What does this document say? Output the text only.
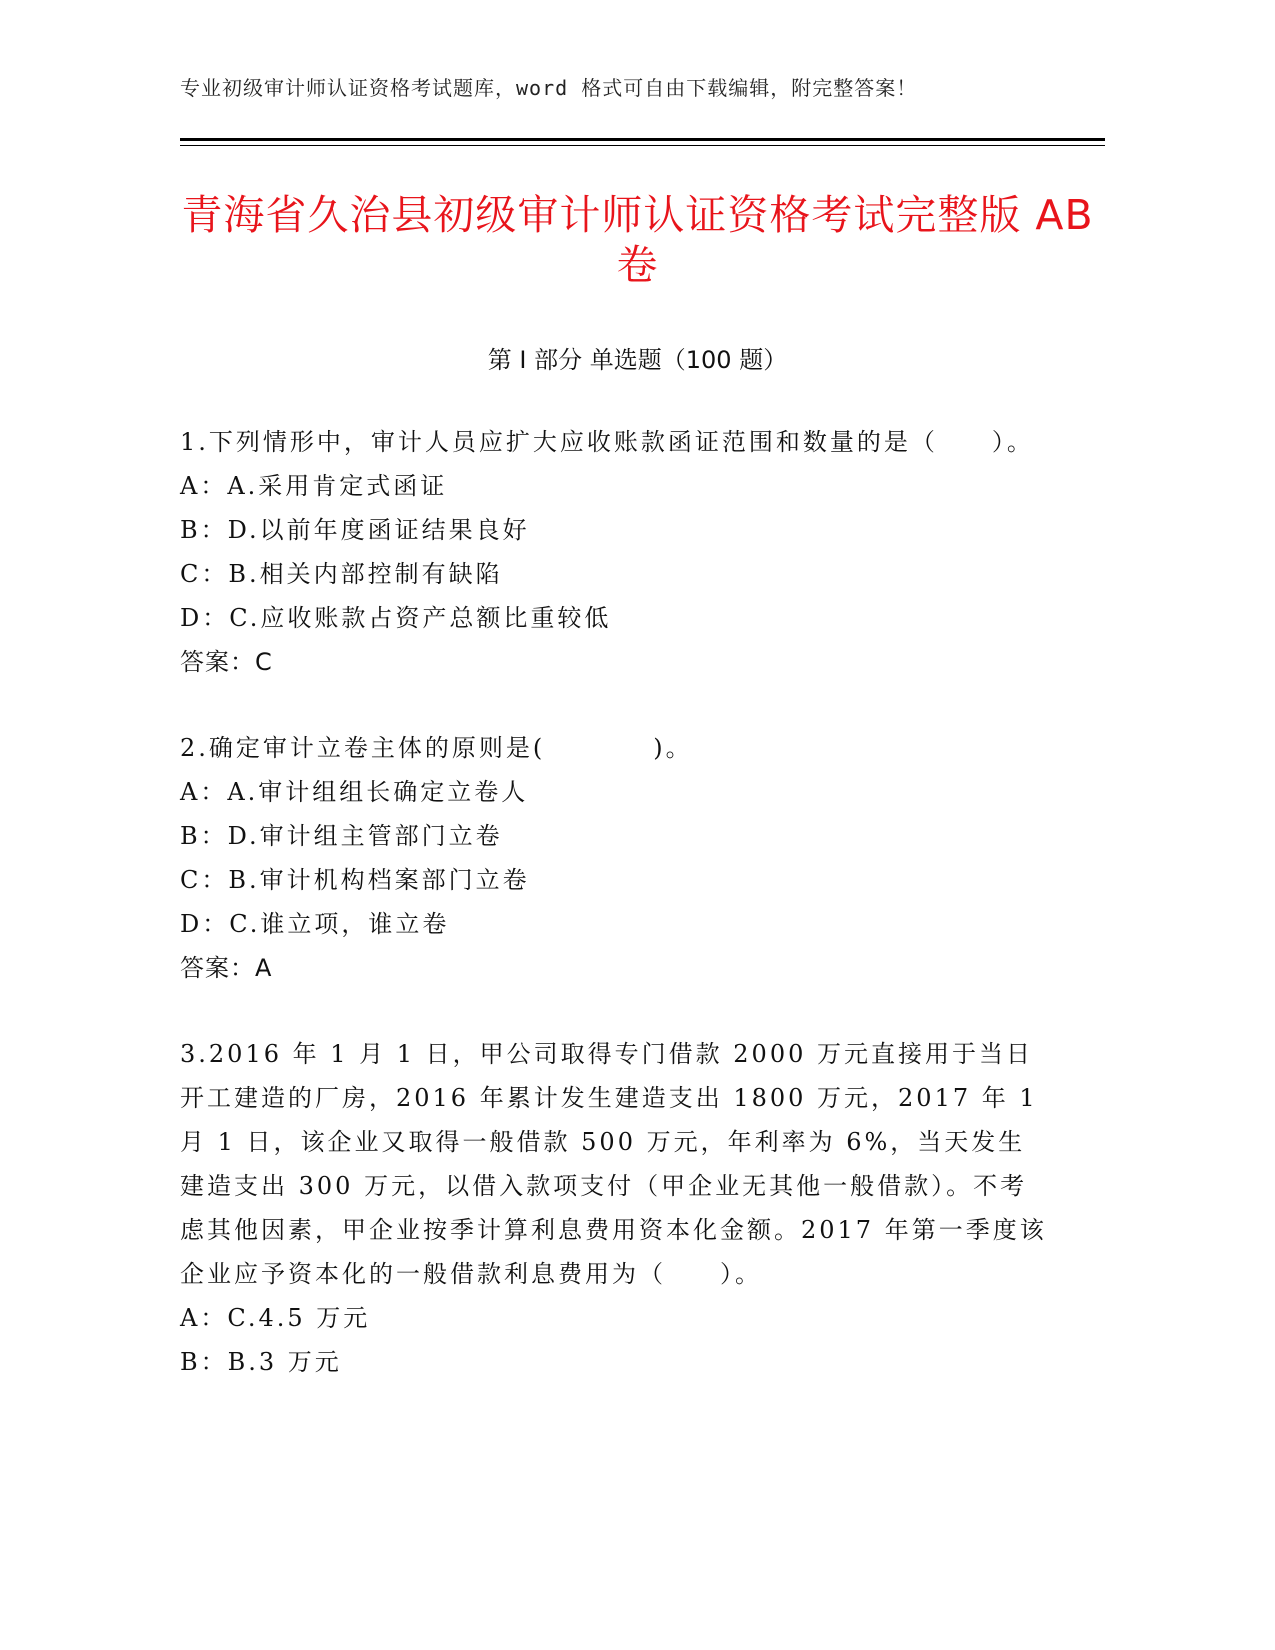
专业初级审计师认证资格考试题库，word 格式可自由下载编辑，附完整答案！
青海省久治县初级审计师认证资格考试完整版 AB 卷
第 I 部分 单选题（100 题）

1.下列情形中，审计人员应扩大应收账款函证范围和数量的是（　　）。

A：A.采用肯定式函证

B：D.以前年度函证结果良好

C：B.相关内部控制有缺陷

D：C.应收账款占资产总额比重较低

答案：C

2.确定审计立卷主体的原则是(　　　　)。

A：A.审计组组长确定立卷人

B：D.审计组主管部门立卷

C：B.审计机构档案部门立卷

D：C.谁立项，谁立卷

答案：A

3.2016 年 1 月 1 日，甲公司取得专门借款 2000 万元直接用于当日开工建造的厂房，2016 年累计发生建造支出 1800 万元，2017 年 1 月 1 日，该企业又取得一般借款 500 万元，年利率为 6%，当天发生建造支出 300 万元，以借入款项支付（甲企业无其他一般借款）。不考虑其他因素，甲企业按季计算利息费用资本化金额。2017 年第一季度该企业应予资本化的一般借款利息费用为（　　）。

A：C.4.5 万元

B：B.3 万元
